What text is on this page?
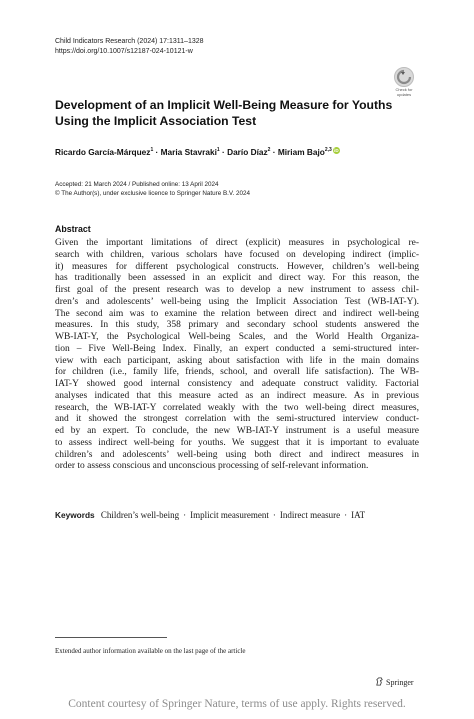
Child Indicators Research (2024) 17:1311–1328
https://doi.org/10.1007/s12187-024-10121-w
Check for
updates
Development of an Implicit Well-Being Measure for Youths
Using the Implicit Association Test
Ricardo García-Márquez$^1$ · Maria Stavraki$^1$ · Darío Díaz$^2$ · Miriam Bajo$^{2,3}$ iD
Accepted: 21 March 2024 / Published online: 13 April 2024
© The Author(s), under exclusive licence to Springer Nature B.V. 2024
Abstract
Given the important limitations of direct (explicit) measures in psychological re-
search with children, various scholars have focused on developing indirect (implic-
it) measures for different psychological constructs. However, children’s well-being
has traditionally been assessed in an explicit and direct way. For this reason, the
first goal of the present research was to develop a new instrument to assess chil-
dren’s and adolescents’ well-being using the Implicit Association Test (WB-IAT-Y).
The second aim was to examine the relation between direct and indirect well-being
measures. In this study, 358 primary and secondary school students answered the
WB-IAT-Y, the Psychological Well-being Scales, and the World Health Organiza-
tion – Five Well-Being Index. Finally, an expert conducted a semi-structured inter-
view with each participant, asking about satisfaction with life in the main domains
for children (i.e., family life, friends, school, and overall life satisfaction). The WB-
IAT-Y showed good internal consistency and adequate construct validity. Factorial
analyses indicated that this measure acted as an indirect measure. As in previous
research, the WB-IAT-Y correlated weakly with the two well-being direct measures,
and it showed the strongest correlation with the semi-structured interview conduct-
ed by an expert. To conclude, the new WB-IAT-Y instrument is a useful measure
to assess indirect well-being for youths. We suggest that it is important to evaluate
children’s and adolescents’ well-being using both direct and indirect measures in
order to assess conscious and unconscious processing of self-relevant information.
Keywords Children’s well-being · Implicit measurement · Indirect measure · IAT
Extended author information available on the last page of the article
Springer
Content courtesy of Springer Nature, terms of use apply. Rights reserved.
